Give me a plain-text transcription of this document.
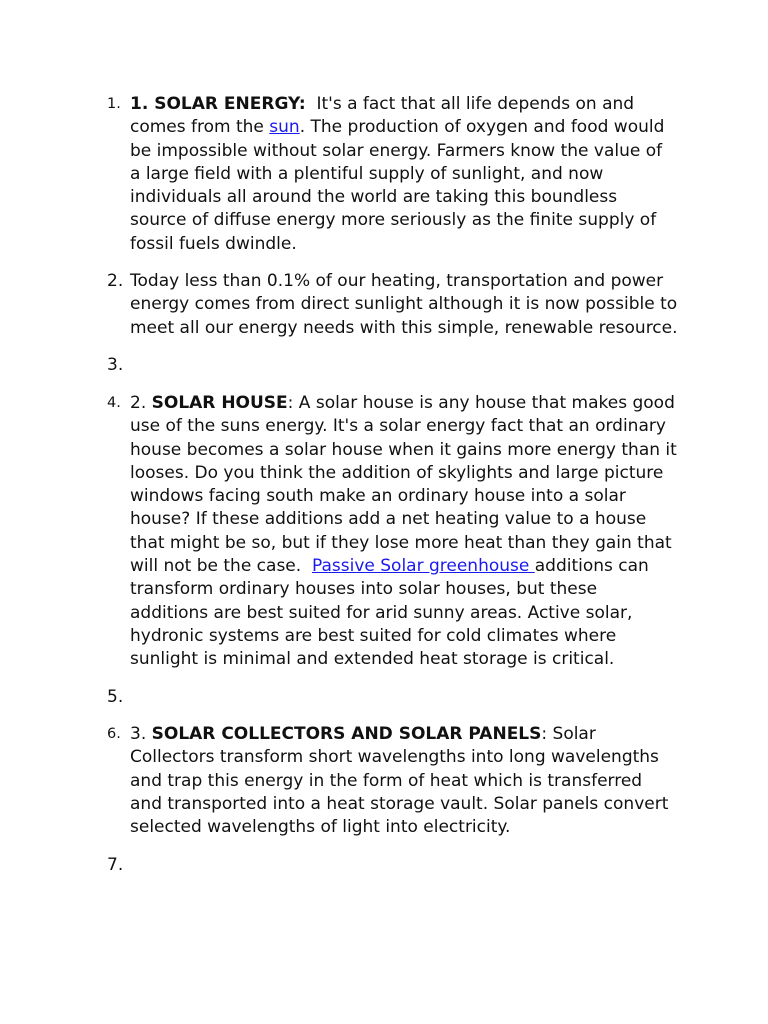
1. 1. SOLAR ENERGY:  It's a fact that all life depends on and
comes from the sun. The production of oxygen and food would
be impossible without solar energy. Farmers know the value of
a large field with a plentiful supply of sunlight, and now
individuals all around the world are taking this boundless
source of diffuse energy more seriously as the finite supply of
fossil fuels dwindle.
2. Today less than 0.1% of our heating, transportation and power
energy comes from direct sunlight although it is now possible to
meet all our energy needs with this simple, renewable resource.
3.
4. 2. SOLAR HOUSE: A solar house is any house that makes good
use of the suns energy. It's a solar energy fact that an ordinary
house becomes a solar house when it gains more energy than it
looses. Do you think the addition of skylights and large picture
windows facing south make an ordinary house into a solar
house? If these additions add a net heating value to a house
that might be so, but if they lose more heat than they gain that
will not be the case.  Passive Solar greenhouse additions can
transform ordinary houses into solar houses, but these
additions are best suited for arid sunny areas. Active solar,
hydronic systems are best suited for cold climates where
sunlight is minimal and extended heat storage is critical.
5.
6. 3. SOLAR COLLECTORS AND SOLAR PANELS: Solar
Collectors transform short wavelengths into long wavelengths
and trap this energy in the form of heat which is transferred
and transported into a heat storage vault. Solar panels convert
selected wavelengths of light into electricity.
7.
